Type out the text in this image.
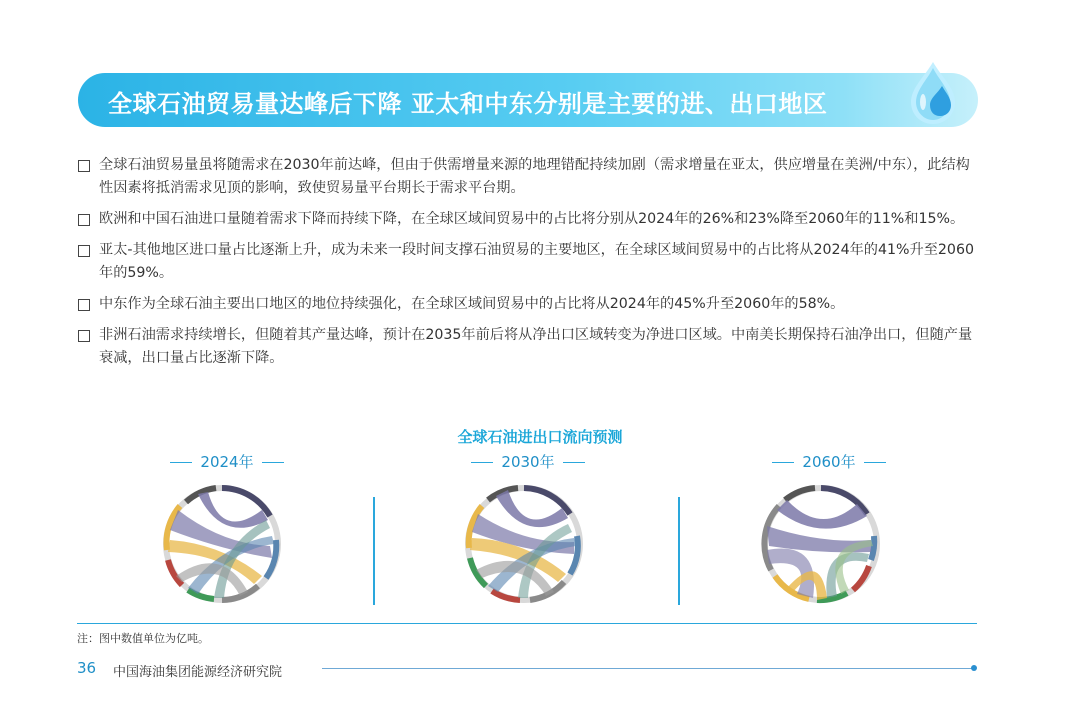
全球石油贸易量达峰后下降 亚太和中东分别是主要的进、出口地区
全球石油贸易量虽将随需求在2030年前达峰，但由于供需增量来源的地理错配持续加剧（需求增量在亚太，供应增量在美洲/中东），此结构性因素将抵消需求见顶的影响，致使贸易量平台期长于需求平台期。
欧洲和中国石油进口量随着需求下降而持续下降，在全球区域间贸易中的占比将分别从2024年的26%和23%降至2060年的11%和15%。
亚太-其他地区进口量占比逐渐上升，成为未来一段时间支撑石油贸易的主要地区，在全球区域间贸易中的占比将从2024年的41%升至2060年的59%。
中东作为全球石油主要出口地区的地位持续强化，在全球区域间贸易中的占比将从2024年的45%升至2060年的58%。
非洲石油需求持续增长，但随着其产量达峰，预计在2035年前后将从净出口区域转变为净进口区域。中南美长期保持石油净出口，但随产量衰减，出口量占比逐渐下降。
全球石油进出口流向预测
2024年	2030年	2060年
注：图中数值单位为亿吨。
36 中国海油集团能源经济研究院
